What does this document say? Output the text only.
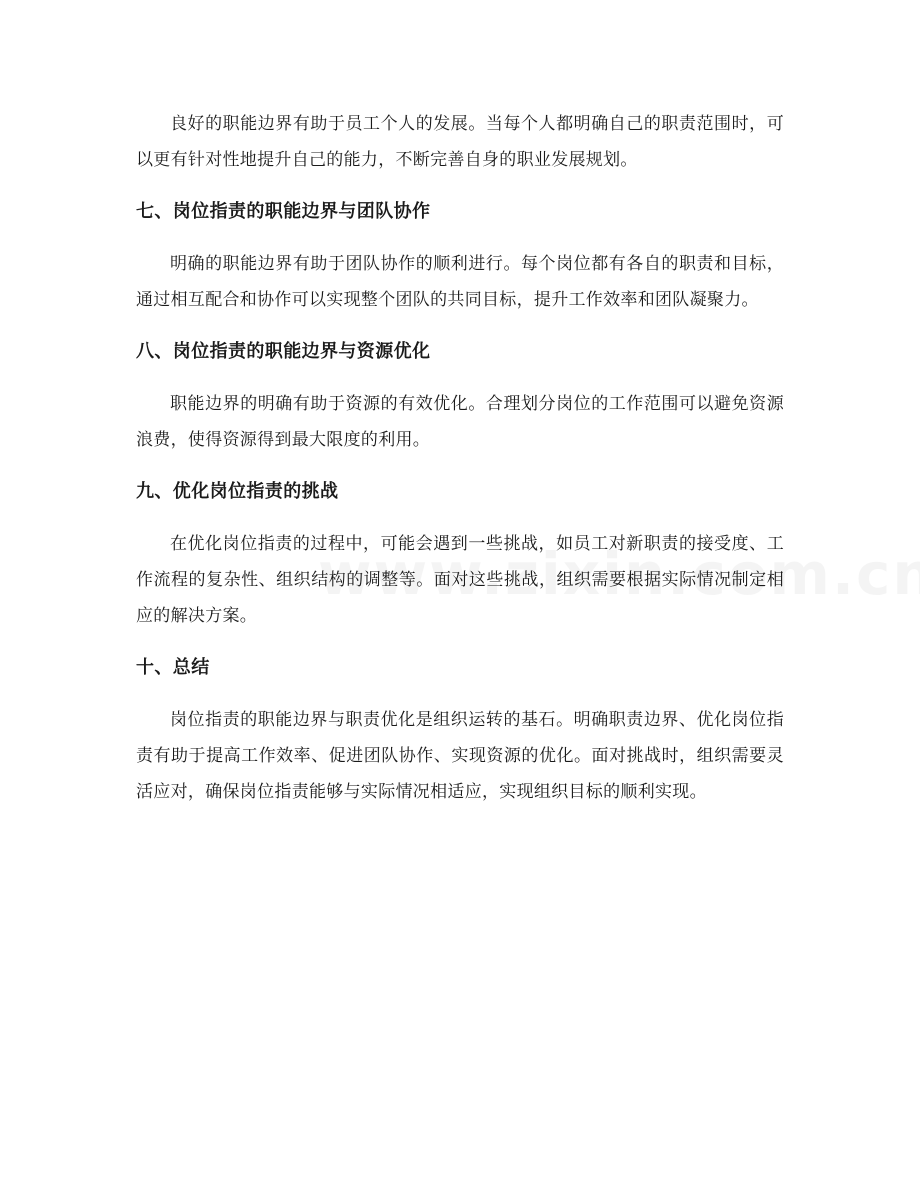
良好的职能边界有助于员工个人的发展。当每个人都明确自己的职责范围时，可以更有针对性地提升自己的能力，不断完善自身的职业发展规划。

七、岗位指责的职能边界与团队协作

明确的职能边界有助于团队协作的顺利进行。每个岗位都有各自的职责和目标，通过相互配合和协作可以实现整个团队的共同目标，提升工作效率和团队凝聚力。

八、岗位指责的职能边界与资源优化

职能边界的明确有助于资源的有效优化。合理划分岗位的工作范围可以避免资源浪费，使得资源得到最大限度的利用。

九、优化岗位指责的挑战

在优化岗位指责的过程中，可能会遇到一些挑战，如员工对新职责的接受度、工作流程的复杂性、组织结构的调整等。面对这些挑战，组织需要根据实际情况制定相应的解决方案。

十、总结

岗位指责的职能边界与职责优化是组织运转的基石。明确职责边界、优化岗位指责有助于提高工作效率、促进团队协作、实现资源的优化。面对挑战时，组织需要灵活应对，确保岗位指责能够与实际情况相适应，实现组织目标的顺利实现。
